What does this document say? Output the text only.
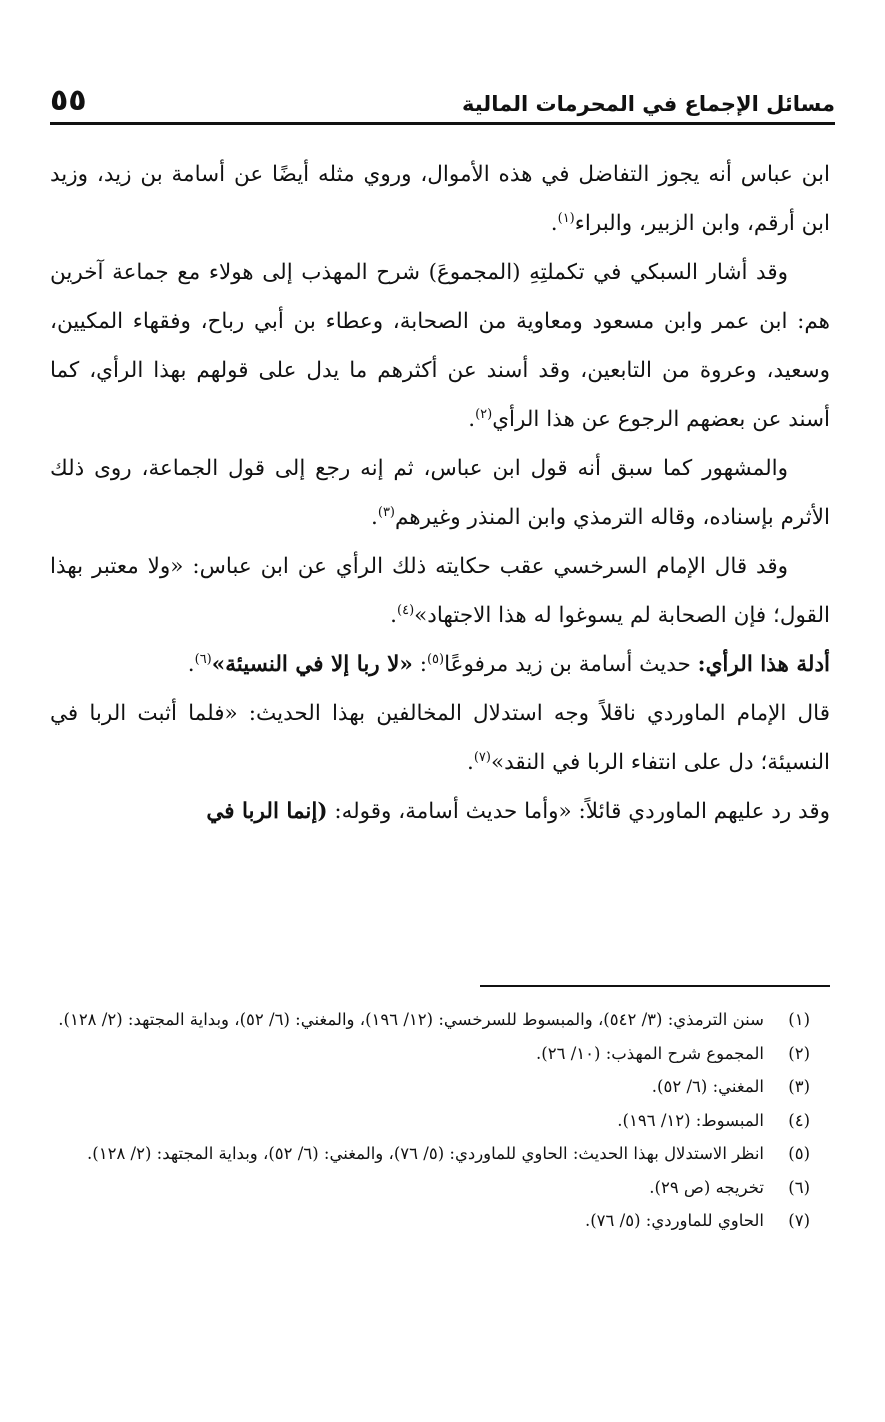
٥٥	مسائل الإجماع في المحرمات المالية

ابن عباس أنه يجوز التفاضل في هذه الأموال، وروي مثله أيضًا عن أسامة بن زيد، وزيد ابن أرقم، وابن الزبير، والبراء$^{(١)}$.

وقد أشار السبكي في تكملتِهِ (المجموعَ) شرح المهذب إلى هولاء مع جماعة آخرين هم: ابن عمر وابن مسعود ومعاوية من الصحابة، وعطاء بن أبي رباح، وفقهاء المكيين، وسعيد، وعروة من التابعين، وقد أسند عن أكثرهم ما يدل على قولهم بهذا الرأي، كما أسند عن بعضهم الرجوع عن هذا الرأي$^{(٢)}$.

والمشهور كما سبق أنه قول ابن عباس، ثم إنه رجع إلى قول الجماعة، روى ذلك الأثرم بإسناده، وقاله الترمذي وابن المنذر وغيرهم$^{(٣)}$.

وقد قال الإمام السرخسي عقب حكايته ذلك الرأي عن ابن عباس: «ولا معتبر بهذا القول؛ فإن الصحابة لم يسوغوا له هذا الاجتهاد»$^{(٤)}$.

أدلة هذا الرأي: حديث أسامة بن زيد مرفوعًا$^{(٥)}$: «لا ربا إلا في النسيئة»$^{(٦)}$.

قال الإمام الماوردي ناقلاً وجه استدلال المخالفين بهذا الحديث: «فلما أثبت الربا في النسيئة؛ دل على انتفاء الربا في النقد»$^{(٧)}$.

وقد رد عليهم الماوردي قائلاً: «وأما حديث أسامة، وقوله: (إنما الربا في

(١)
سنن الترمذي: (٣/ ٥٤٢)، والمبسوط للسرخسي: (١٢/ ١٩٦)، والمغني: (٦/ ٥٢)، وبداية المجتهد: (٢/ ١٢٨).
(٢)
المجموع شرح المهذب: (١٠/ ٢٦).
(٣)
المغني: (٦/ ٥٢).
(٤)
المبسوط: (١٢/ ١٩٦).
(٥)
انظر الاستدلال بهذا الحديث: الحاوي للماوردي: (٥/ ٧٦)، والمغني: (٦/ ٥٢)، وبداية المجتهد: (٢/ ١٢٨).
(٦)
تخريجه (ص ٢٩).
(٧)
الحاوي للماوردي: (٥/ ٧٦).
